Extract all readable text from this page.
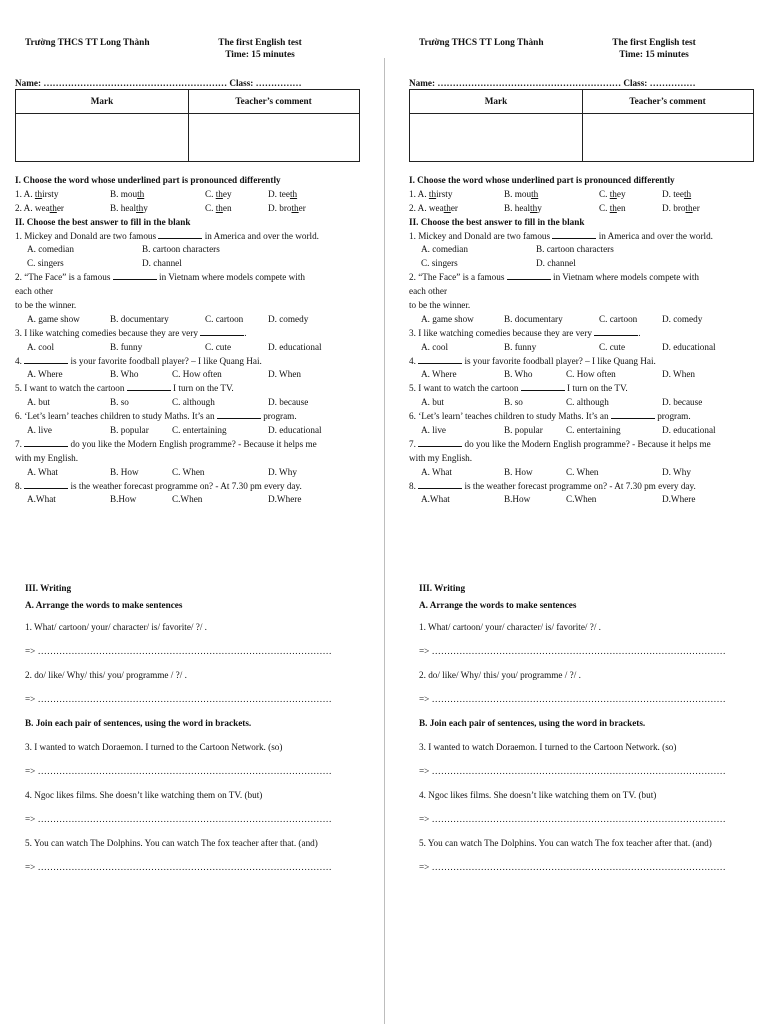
Trường THCS TT Long Thành	The first English test
Time: 15 minutes
Name: …………………………………………………… Class: ……………
Mark	Teacher’s comment
I. Choose the word whose underlined part is pronounced differently
1. A. thirsty	B. mouth	C. they	D. teeth
2. A. weather	B. healthy	C. then	D. brother
II. Choose the best answer to fill in the blank
1. Mickey and Donald are two famous	in America and over the world.
A. comedian	B. cartoon characters
C. singers	D. channel
2. “The Face” is a famous	in Vietnam where models compete with
each other
to be the winner.
A. game show	B. documentary	C. cartoon	D. comedy
3. I like watching comedies because they are very	.
A. cool	B. funny	C. cute	D. educational
4.	is your favorite foodball player? – I like Quang Hai.
A. Where	B. Who	C. How often	D. When
5. I want to watch the cartoon	I turn on the TV.
A. but	B. so	C. although	D. because
6. ‘Let’s learn’ teaches children to study Maths. It’s an	program.
A. live	B. popular	C. entertaining	D. educational
7.	do you like the Modern English programme? - Because it helps me
with my English.
A. What	B. How	C. When	D. Why
8.	is the weather forecast programme on? - At 7.30 pm every day.
A.What	B.How	C.When	D.Where
III. Writing
A. Arrange the words to make sentences
1. What/ cartoon/ your/ character/ is/ favorite/ ?/ .
=> ……………………………………………………………………………………
2. do/ like/ Why/ this/ you/ programme / ?/ .
=> ……………………………………………………………………………………
B. Join each pair of sentences, using the word in brackets.
3. I wanted to watch Doraemon. I turned to the Cartoon Network. (so)
=> ……………………………………………………………………………………
4. Ngoc likes films. She doesn’t like watching them on TV. (but)
=> ……………………………………………………………………………………
5. You can watch The Dolphins. You can watch The fox teacher after that. (and)
=> ……………………………………………………………………………………
Trường THCS TT Long Thành	The first English test
Time: 15 minutes
Name: …………………………………………………… Class: ……………
Mark	Teacher’s comment
I. Choose the word whose underlined part is pronounced differently
1. A. thirsty	B. mouth	C. they	D. teeth
2. A. weather	B. healthy	C. then	D. brother
II. Choose the best answer to fill in the blank
1. Mickey and Donald are two famous	in America and over the world.
A. comedian	B. cartoon characters
C. singers	D. channel
2. “The Face” is a famous	in Vietnam where models compete with
each other
to be the winner.
A. game show	B. documentary	C. cartoon	D. comedy
3. I like watching comedies because they are very	.
A. cool	B. funny	C. cute	D. educational
4.	is your favorite foodball player? – I like Quang Hai.
A. Where	B. Who	C. How often	D. When
5. I want to watch the cartoon	I turn on the TV.
A. but	B. so	C. although	D. because
6. ‘Let’s learn’ teaches children to study Maths. It’s an	program.
A. live	B. popular	C. entertaining	D. educational
7.	do you like the Modern English programme? - Because it helps me
with my English.
A. What	B. How	C. When	D. Why
8.	is the weather forecast programme on? - At 7.30 pm every day.
A.What	B.How	C.When	D.Where
III. Writing
A. Arrange the words to make sentences
1. What/ cartoon/ your/ character/ is/ favorite/ ?/ .
=> ……………………………………………………………………………………
2. do/ like/ Why/ this/ you/ programme / ?/ .
=> ……………………………………………………………………………………
B. Join each pair of sentences, using the word in brackets.
3. I wanted to watch Doraemon. I turned to the Cartoon Network. (so)
=> ……………………………………………………………………………………
4. Ngoc likes films. She doesn’t like watching them on TV. (but)
=> ……………………………………………………………………………………
5. You can watch The Dolphins. You can watch The fox teacher after that. (and)
=> ……………………………………………………………………………………
